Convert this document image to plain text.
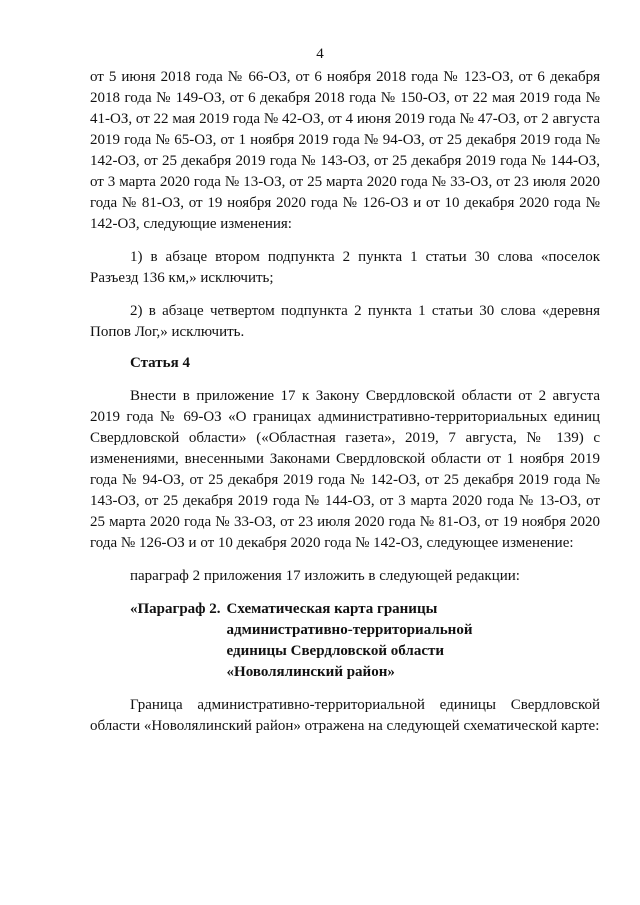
4

от 5 июня 2018 года № 66-ОЗ, от 6 ноября 2018 года № 123-ОЗ, от 6 декабря 2018 года № 149-ОЗ, от 6 декабря 2018 года № 150-ОЗ, от 22 мая 2019 года № 41-ОЗ, от 22 мая 2019 года № 42-ОЗ, от 4 июня 2019 года № 47-ОЗ, от 2 августа 2019 года № 65-ОЗ, от 1 ноября 2019 года № 94-ОЗ, от 25 декабря 2019 года № 142-ОЗ, от 25 декабря 2019 года № 143-ОЗ, от 25 декабря 2019 года № 144-ОЗ, от 3 марта 2020 года № 13-ОЗ, от 25 марта 2020 года № 33-ОЗ, от 23 июля 2020 года № 81-ОЗ, от 19 ноября 2020 года № 126-ОЗ и от 10 декабря 2020 года № 142-ОЗ, следующие изменения:

1) в абзаце втором подпункта 2 пункта 1 статьи 30 слова «поселок Разъезд 136 км,» исключить;

2) в абзаце четвертом подпункта 2 пункта 1 статьи 30 слова «деревня Попов Лог,» исключить.

Статья 4

Внести в приложение 17 к Закону Свердловской области от 2 августа 2019 года № 69-ОЗ «О границах административно-территориальных единиц Свердловской области» («Областная газета», 2019, 7 августа, № 139) с изменениями, внесенными Законами Свердловской области от 1 ноября 2019 года № 94-ОЗ, от 25 декабря 2019 года № 142-ОЗ, от 25 декабря 2019 года № 143-ОЗ, от 25 декабря 2019 года № 144-ОЗ, от 3 марта 2020 года № 13-ОЗ, от 25 марта 2020 года № 33-ОЗ, от 23 июля 2020 года № 81-ОЗ, от 19 ноября 2020 года № 126-ОЗ и от 10 декабря 2020 года № 142-ОЗ, следующее изменение:

параграф 2 приложения 17 изложить в следующей редакции:

«Параграф 2. Схематическая карта границы
административно-территориальной
единицы Свердловской области
«Новолялинский район»

Граница административно-территориальной единицы Свердловской области «Новолялинский район» отражена на следующей схематической карте:
